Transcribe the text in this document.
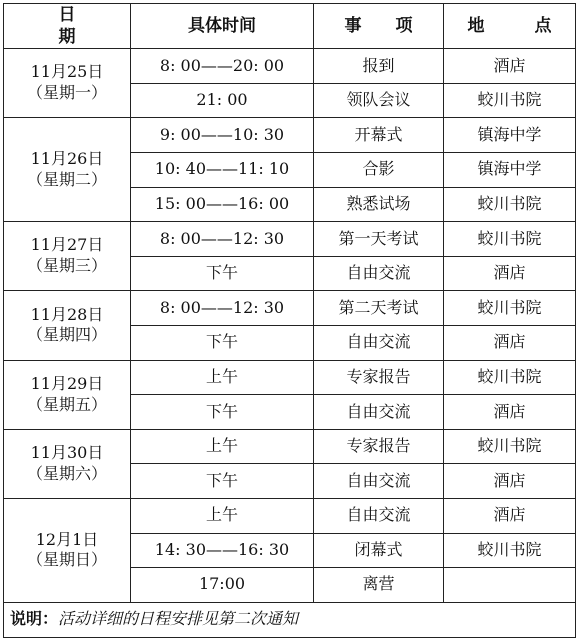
日 期	具体时间	事 项	地 点

11月25日
（星期一）	8: 00——20: 00	报到	酒店
	21: 00	领队会议	蛟川书院

11月26日
（星期二）	9: 00——10: 30	开幕式	镇海中学
	10: 40——11: 10	合影	镇海中学
	15: 00——16: 00	熟悉试场	蛟川书院

11月27日
（星期三）	8: 00——12: 30	第一天考试	蛟川书院
	下午	自由交流	酒店

11月28日
（星期四）	8: 00——12: 30	第二天考试	蛟川书院
	下午	自由交流	酒店

11月29日
（星期五）	上午	专家报告	蛟川书院
	下午	自由交流	酒店

11月30日
（星期六）	上午	专家报告	蛟川书院
	下午	自由交流	酒店

12月1日
（星期日）	上午	自由交流	酒店
	14: 30——16: 30	闭幕式	蛟川书院
	17:00	离营	
说明：活动详细的日程安排见第二次通知			
